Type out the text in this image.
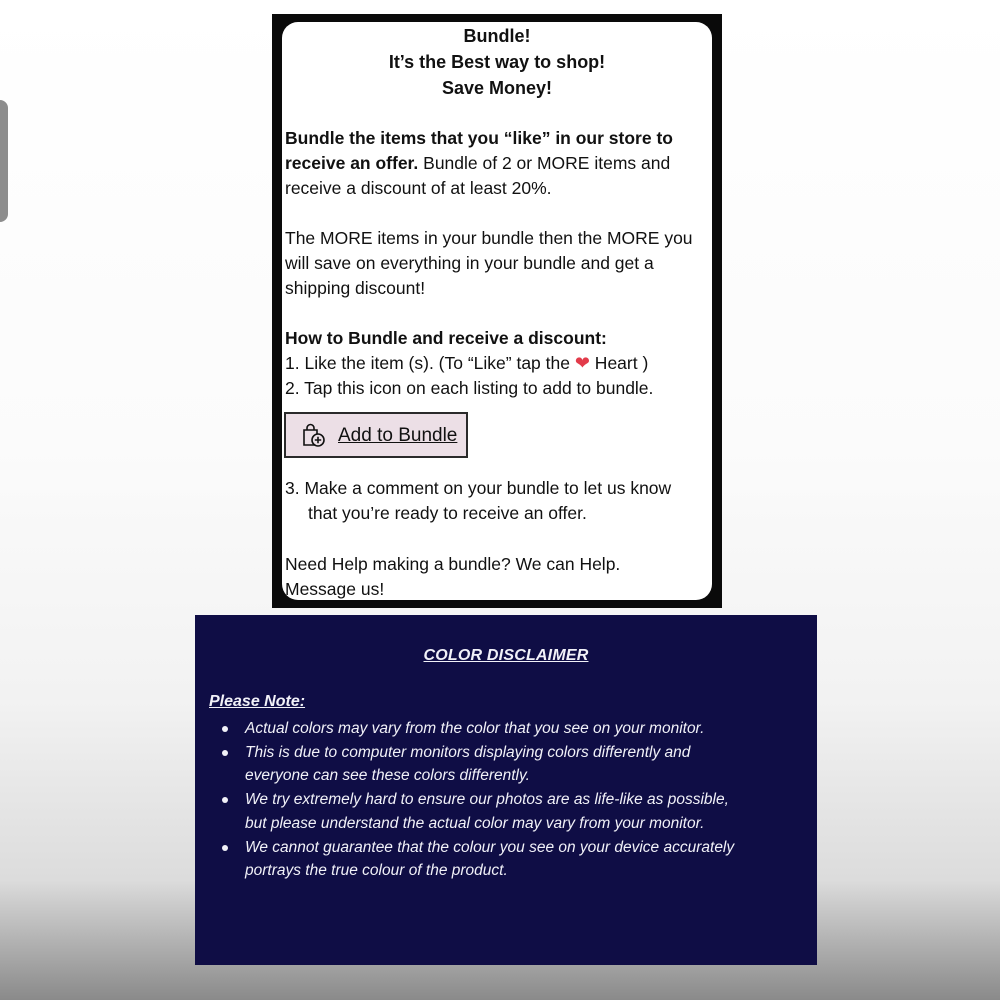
Bundle!
It’s the Best way to shop!
Save Money!
Bundle the items that you “like” in our store to
receive an offer. Bundle of 2 or MORE items and
receive a discount of at least 20%.
The MORE items in your bundle then the MORE you
will save on everything in your bundle and get a
shipping discount!
How to Bundle and receive a discount:
1. Like the item (s). (To “Like” tap the ❤ Heart )
2. Tap this icon on each listing to add to bundle.
Add to Bundle
3. Make a comment on your bundle to let us know
that you’re ready to receive an offer.
Need Help making a bundle? We can Help.
Message us!
COLOR DISCLAIMER
Please Note:
Actual colors may vary from the color that you see on your monitor.
This is due to computer monitors displaying colors differently and
everyone can see these colors differently.
We try extremely hard to ensure our photos are as life-like as possible,
but please understand the actual color may vary from your monitor.
We cannot guarantee that the colour you see on your device accurately
portrays the true colour of the product.
